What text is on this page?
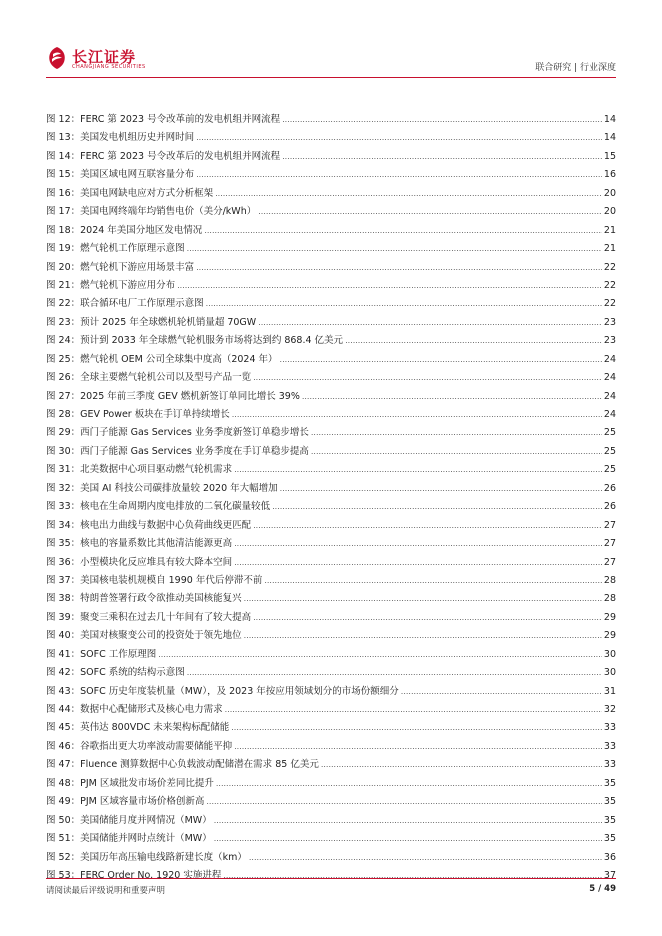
长江证券
CHANGJIANG SECURITIES	联合研究 | 行业深度
图 12：FERC 第 2023 号令改革前的发电机组并网流程 .....	14
图 13：美国发电机组历史并网时间 .....	14
图 14：FERC 第 2023 号令改革后的发电机组并网流程 .....	15
图 15：美国区域电网互联容量分布 .....	16
图 16：美国电网缺电应对方式分析框架 .....	20
图 17：美国电网终端年均销售电价（美分/kWh） .....	20
图 18：2024 年美国分地区发电情况 .....	21
图 19：燃气轮机工作原理示意图 .....	21
图 20：燃气轮机下游应用场景丰富 .....	22
图 21：燃气轮机下游应用分布 .....	22
图 22：联合循环电厂工作原理示意图 .....	22
图 23：预计 2025 年全球燃机轮机销量超 70GW .....	23
图 24：预计到 2033 年全球燃气轮机服务市场将达到约 868.4 亿美元 .....	23
图 25：燃气轮机 OEM 公司全球集中度高（2024 年） .....	24
图 26：全球主要燃气轮机公司以及型号产品一览 .....	24
图 27：2025 年前三季度 GEV 燃机新签订单同比增长 39% .....	24
图 28：GEV Power 板块在手订单持续增长 .....	24
图 29：西门子能源 Gas Services 业务季度新签订单稳步增长 .....	25
图 30：西门子能源 Gas Services 业务季度在手订单稳步提高 .....	25
图 31：北美数据中心项目驱动燃气轮机需求 .....	25
图 32：美国 AI 科技公司碳排放量较 2020 年大幅增加 .....	26
图 33：核电在生命周期内度电排放的二氧化碳量较低 .....	26
图 34：核电出力曲线与数据中心负荷曲线更匹配 .....	27
图 35：核电的容量系数比其他清洁能源更高 .....	27
图 36：小型模块化反应堆具有较大降本空间 .....	27
图 37：美国核电装机规模自 1990 年代后停滞不前 .....	28
图 38：特朗普签署行政令欲推动美国核能复兴 .....	28
图 39：聚变三乘积在过去几十年间有了较大提高 .....	29
图 40：美国对核聚变公司的投资处于领先地位 .....	29
图 41：SOFC 工作原理图 .....	30
图 42：SOFC 系统的结构示意图 .....	30
图 43：SOFC 历史年度装机量（MW），及 2023 年按应用领域划分的市场份额细分 .....	31
图 44：数据中心配储形式及核心电力需求 .....	32
图 45：英伟达 800VDC 未来架构标配储能 .....	33
图 46：谷歌指出更大功率波动需要储能平抑 .....	33
图 47：Fluence 测算数据中心负载波动配储潜在需求 85 亿美元 .....	33
图 48：PJM 区域批发市场价差同比提升 .....	35
图 49：PJM 区域容量市场价格创新高 .....	35
图 50：美国储能月度并网情况（MW） .....	35
图 51：美国储能并网时点统计（MW） .....	35
图 52：美国历年高压输电线路新建长度（km） .....	36
图 53：FERC Order No. 1920 实施进程 .....	37
请阅读最后评级说明和重要声明	5 / 49
